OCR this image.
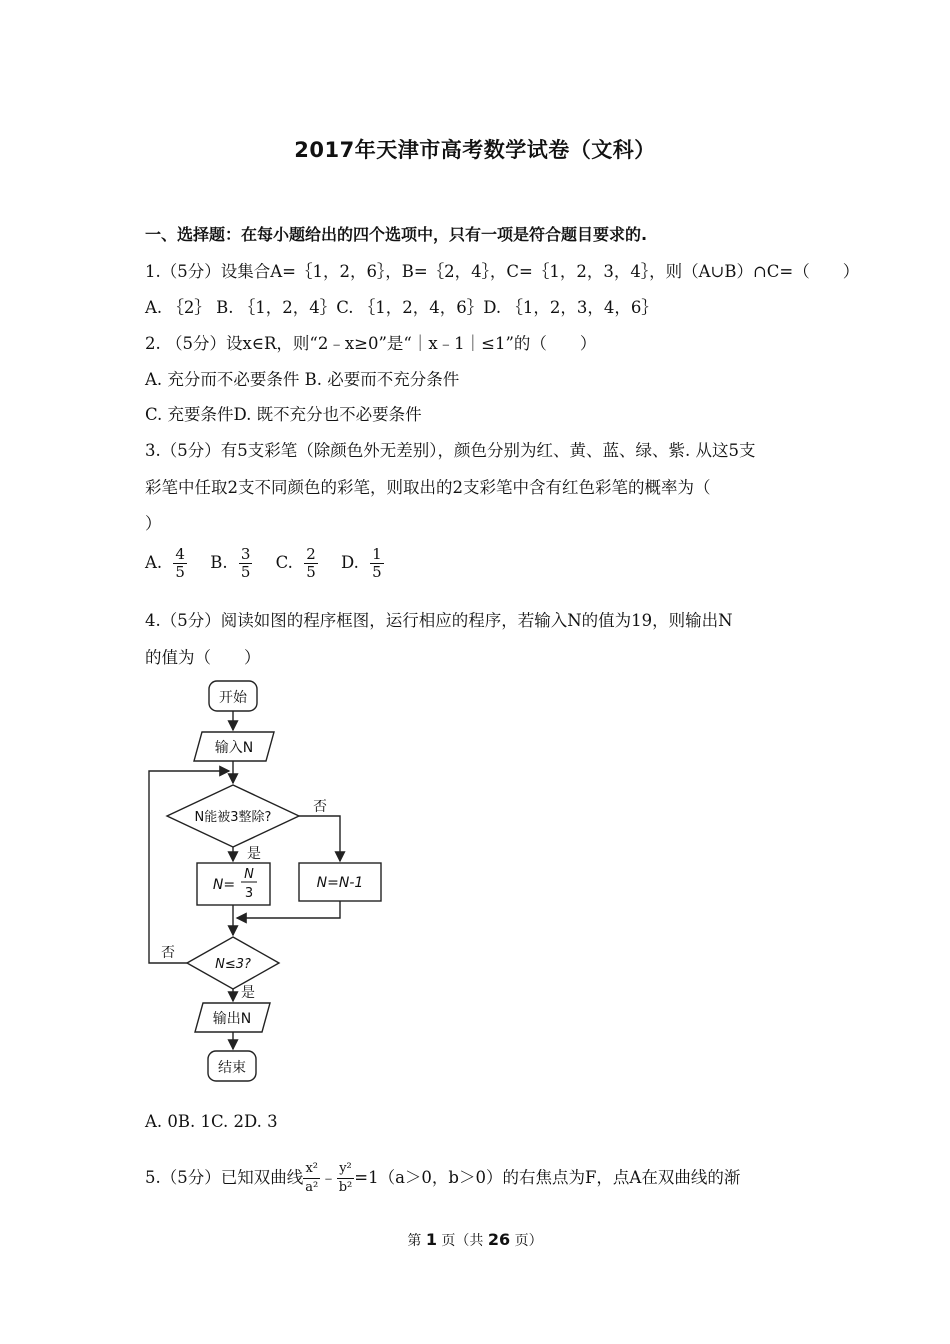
2017年天津市高考数学试卷（文科）
一、选择题：在每小题给出的四个选项中，只有一项是符合题目要求的.
1.（5分）设集合A=｛1，2，6｝，B=｛2，4｝，C=｛1，2，3，4｝，则（A∪B）∩C=（　　）
A. ｛2｝ B. ｛1，2，4｝C. ｛1，2，4，6｝D. ｛1，2，3，4，6｝
2. （5分）设x∈R，则“2﹣x≥0”是“｜x﹣1｜≤1”的（　　）
A. 充分而不必要条件 B. 必要而不充分条件
C. 充要条件D. 既不充分也不必要条件
3.（5分）有5支彩笔（除颜色外无差别），颜色分别为红、黄、蓝、绿、紫. 从这5支
彩笔中任取2支不同颜色的彩笔，则取出的2支彩笔中含有红色彩笔的概率为（
）
A. $\frac{4}{5} B$. $\frac{3}{5} C$. $\frac{2}{5} D$. $\frac{1}{5}$
4.（5分）阅读如图的程序框图，运行相应的程序，若输入N的值为19，则输出N
的值为（　　）
开始
输入N
N能被3整除?
否
是
N=
N
3
N=N-1
N≤3?
否
是
输出N
结束
A. 0B. 1C. 2D. 3
5.（5分）已知双曲线 $\frac{\text{x²}}{\text{a²}}$ ﹣ $\frac{\text{y²}}{\text{b²}} =1(a>0$，b＞0）的右焦点为F，点A在双曲线的渐
第 1 页（共 26 页）
